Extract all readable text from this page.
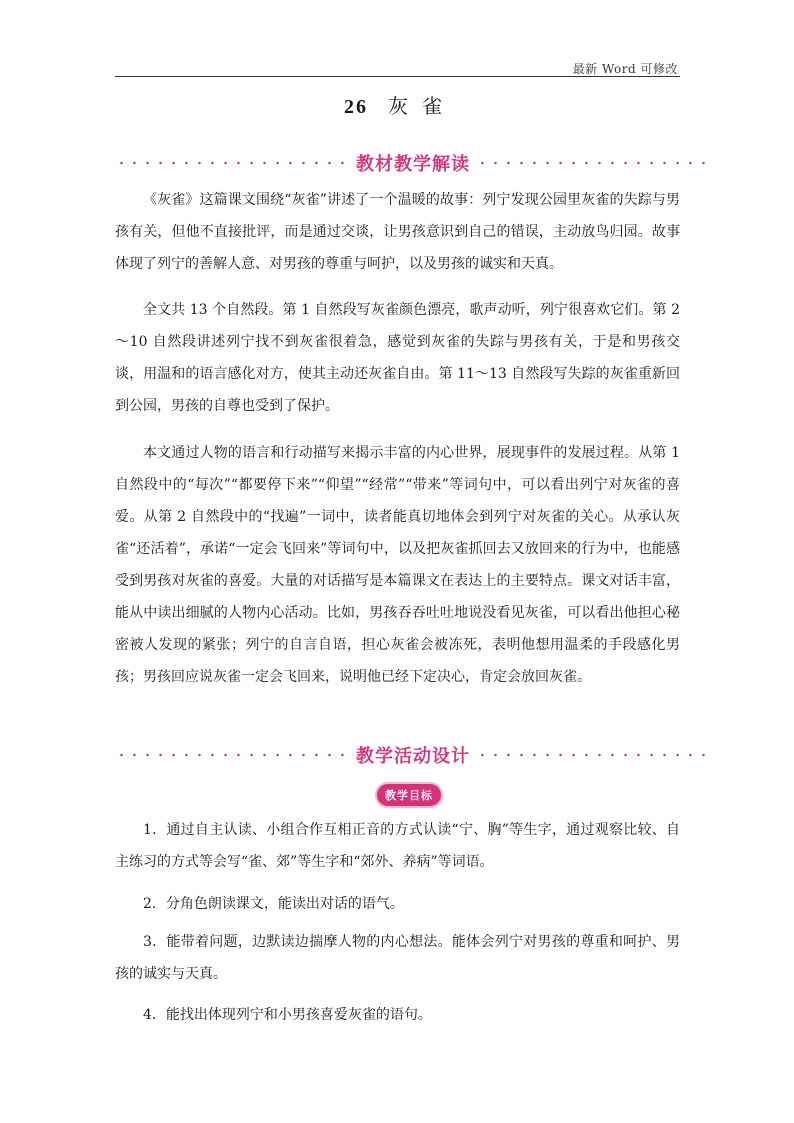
最新 Word 可修改
26 灰 雀
教材教学解读

《灰雀》这篇课文围绕“灰雀”讲述了一个温暖的故事：列宁发现公园里灰雀的失踪与男孩有关，但他不直接批评，而是通过交谈，让男孩意识到自己的错误，主动放鸟归园。故事体现了列宁的善解人意、对男孩的尊重与呵护，以及男孩的诚实和天真。

全文共 13 个自然段。第 1 自然段写灰雀颜色漂亮，歌声动听，列宁很喜欢它们。第 2～10 自然段讲述列宁找不到灰雀很着急，感觉到灰雀的失踪与男孩有关，于是和男孩交谈，用温和的语言感化对方，使其主动还灰雀自由。第 11～13 自然段写失踪的灰雀重新回到公园，男孩的自尊也受到了保护。

本文通过人物的语言和行动描写来揭示丰富的内心世界，展现事件的发展过程。从第 1 自然段中的“每次”“都要停下来”“仰望”“经常”“带来”等词句中，可以看出列宁对灰雀的喜爱。从第 2 自然段中的“找遍”一词中，读者能真切地体会到列宁对灰雀的关心。从承认灰雀“还活着”，承诺“一定会飞回来”等词句中，以及把灰雀抓回去又放回来的行为中，也能感受到男孩对灰雀的喜爱。大量的对话描写是本篇课文在表达上的主要特点。课文对话丰富，能从中读出细腻的人物内心活动。比如，男孩吞吞吐吐地说没看见灰雀，可以看出他担心秘密被人发现的紧张；列宁的自言自语，担心灰雀会被冻死，表明他想用温柔的手段感化男孩；男孩回应说灰雀一定会飞回来，说明他已经下定决心，肯定会放回灰雀。

教学活动设计
教学目标

1．通过自主认读、小组合作互相正音的方式认读“宁、胸”等生字，通过观察比较、自主练习的方式等会写“雀、郊”等生字和“郊外、养病”等词语。

2．分角色朗读课文，能读出对话的语气。

3．能带着问题，边默读边揣摩人物的内心想法。能体会列宁对男孩的尊重和呵护、男孩的诚实与天真。

4．能找出体现列宁和小男孩喜爱灰雀的语句。
